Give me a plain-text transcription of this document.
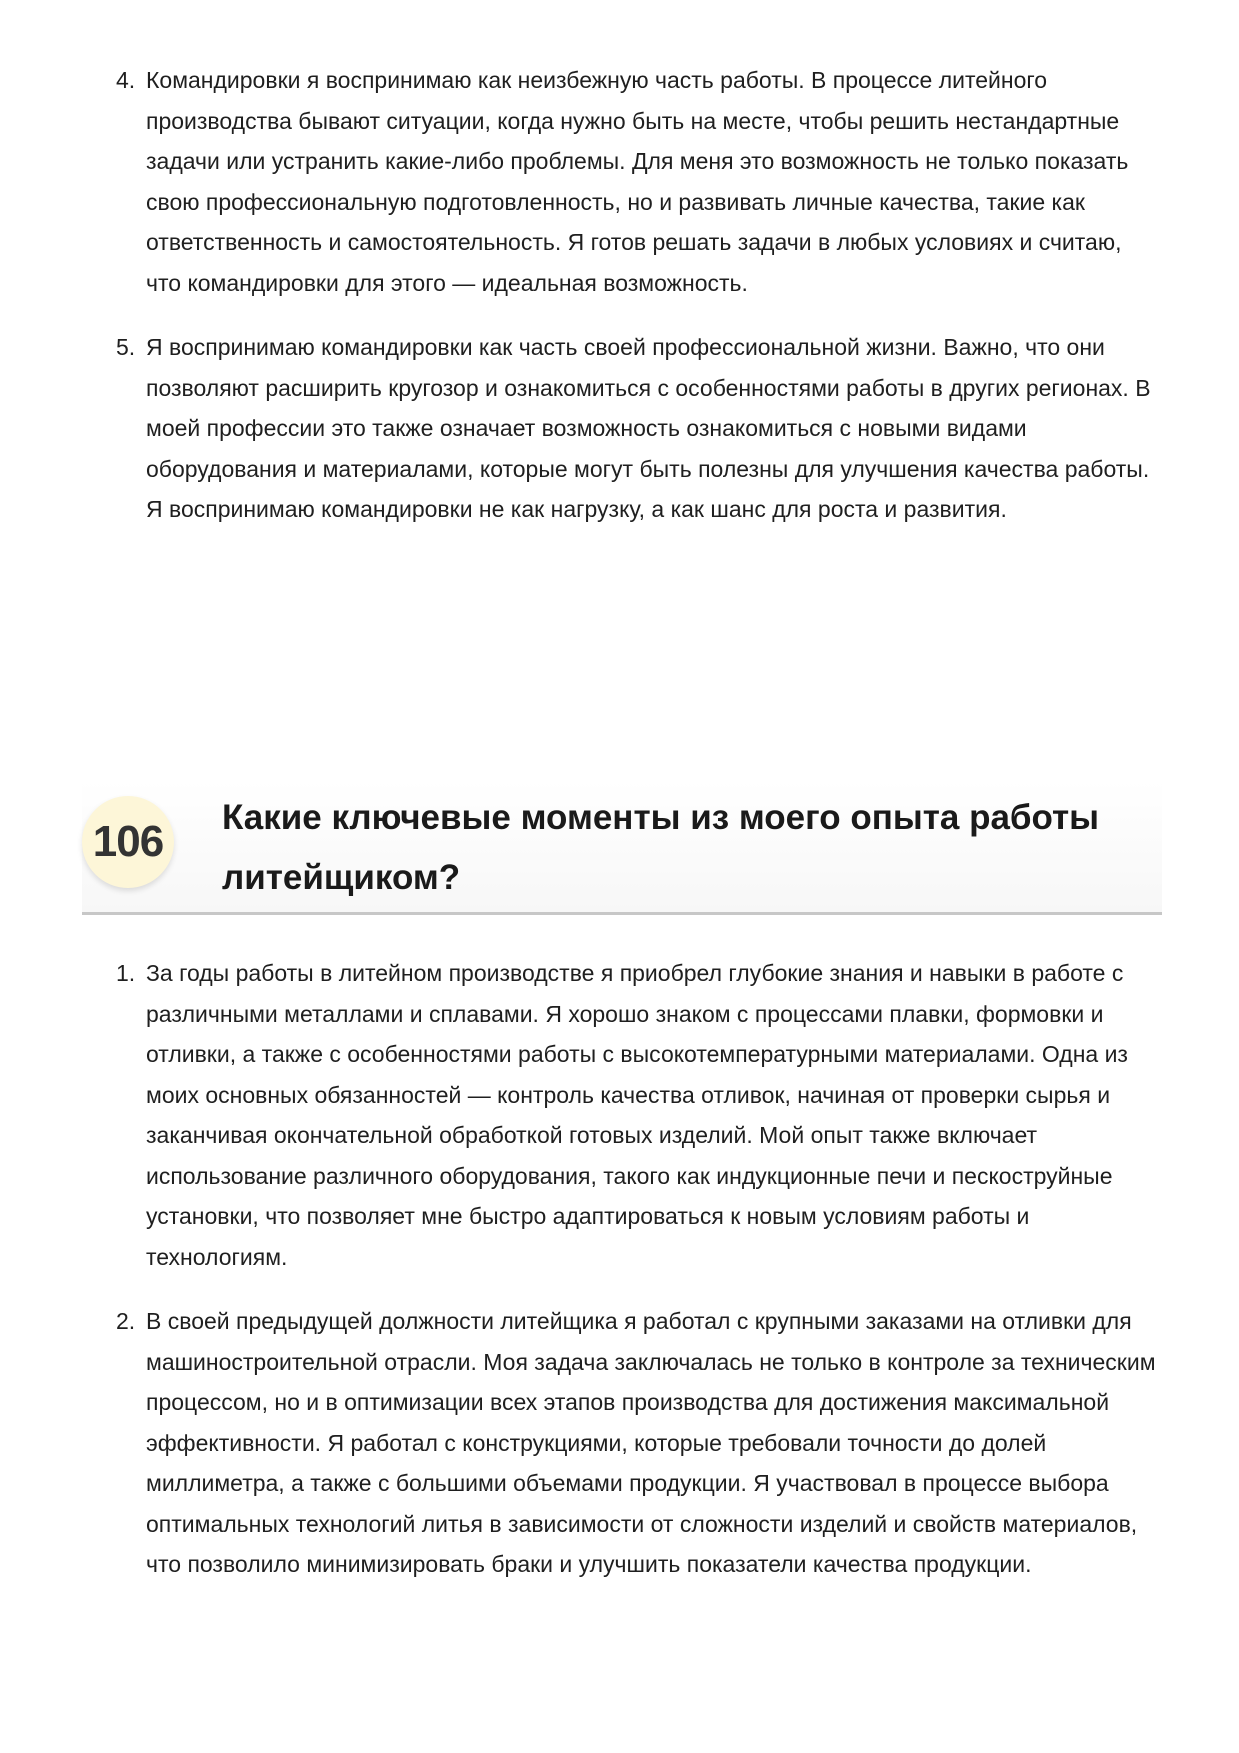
4. Командировки я воспринимаю как неизбежную часть работы. В процессе литейного производства бывают ситуации, когда нужно быть на месте, чтобы решить нестандартные задачи или устранить какие-либо проблемы. Для меня это возможность не только показать свою профессиональную подготовленность, но и развивать личные качества, такие как ответственность и самостоятельность. Я готов решать задачи в любых условиях и считаю, что командировки для этого — идеальная возможность.
5. Я воспринимаю командировки как часть своей профессиональной жизни. Важно, что они позволяют расширить кругозор и ознакомиться с особенностями работы в других регионах. В моей профессии это также означает возможность ознакомиться с новыми видами оборудования и материалами, которые могут быть полезны для улучшения качества работы. Я воспринимаю командировки не как нагрузку, а как шанс для роста и развития.
106	Какие ключевые моменты из моего опыта работы литейщиком?
1. За годы работы в литейном производстве я приобрел глубокие знания и навыки в работе с различными металлами и сплавами. Я хорошо знаком с процессами плавки, формовки и отливки, а также с особенностями работы с высокотемпературными материалами. Одна из моих основных обязанностей — контроль качества отливок, начиная от проверки сырья и заканчивая окончательной обработкой готовых изделий. Мой опыт также включает использование различного оборудования, такого как индукционные печи и пескоструйные установки, что позволяет мне быстро адаптироваться к новым условиям работы и технологиям.
2. В своей предыдущей должности литейщика я работал с крупными заказами на отливки для машиностроительной отрасли. Моя задача заключалась не только в контроле за техническим процессом, но и в оптимизации всех этапов производства для достижения максимальной эффективности. Я работал с конструкциями, которые требовали точности до долей миллиметра, а также с большими объемами продукции. Я участвовал в процессе выбора оптимальных технологий литья в зависимости от сложности изделий и свойств материалов, что позволило минимизировать браки и улучшить показатели качества продукции.
